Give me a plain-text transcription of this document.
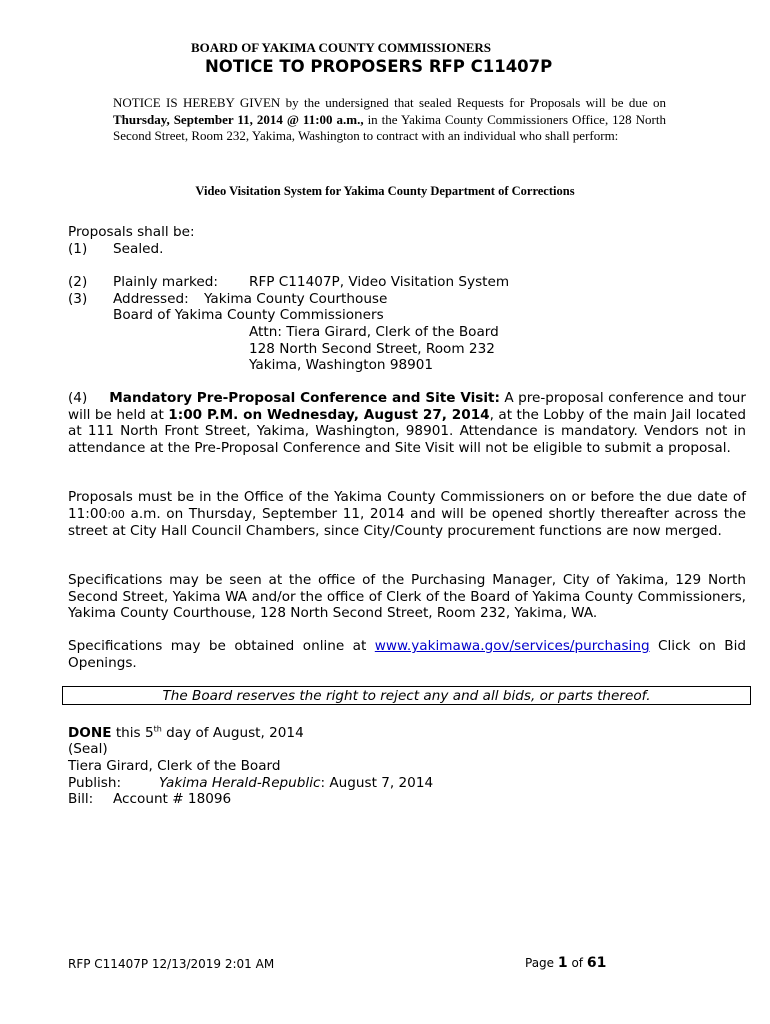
BOARD OF YAKIMA COUNTY COMMISSIONERS
NOTICE TO PROPOSERS RFP C11407P
NOTICE IS HEREBY GIVEN by the undersigned that sealed Requests for Proposals will be due on Thursday, September 11, 2014 @ 11:00 a.m., in the Yakima County Commissioners Office, 128 North Second Street, Room 232, Yakima, Washington to contract with an individual who shall perform:
Video Visitation System for Yakima County Department of Corrections
Proposals shall be:
(1) Sealed.
(2) Plainly marked: RFP C11407P, Video Visitation System
(3) Addressed: Yakima County Courthouse
Board of Yakima County Commissioners
Attn: Tiera Girard, Clerk of the Board
128 North Second Street, Room 232
Yakima, Washington 98901
(4) Mandatory Pre-Proposal Conference and Site Visit: A pre-proposal conference and tour will be held at 1:00 P.M. on Wednesday, August 27, 2014, at the Lobby of the main Jail located at 111 North Front Street, Yakima, Washington, 98901. Attendance is mandatory. Vendors not in attendance at the Pre-Proposal Conference and Site Visit will not be eligible to submit a proposal.
Proposals must be in the Office of the Yakima County Commissioners on or before the due date of 11:00:00 a.m. on Thursday, September 11, 2014 and will be opened shortly thereafter across the street at City Hall Council Chambers, since City/County procurement functions are now merged.
Specifications may be seen at the office of the Purchasing Manager, City of Yakima, 129 North Second Street, Yakima WA and/or the office of Clerk of the Board of Yakima County Commissioners, Yakima County Courthouse, 128 North Second Street, Room 232, Yakima, WA.
Specifications may be obtained online at www.yakimawa.gov/services/purchasing Click on Bid Openings.
The Board reserves the right to reject any and all bids, or parts thereof.
DONE this 5th day of August, 2014
(Seal)
Tiera Girard, Clerk of the Board
Publish:	Yakima Herald-Republic: August 7, 2014
Bill: Account # 18096
RFP C11407P 12/13/2019 2:01 AM	Page 1 of 61
